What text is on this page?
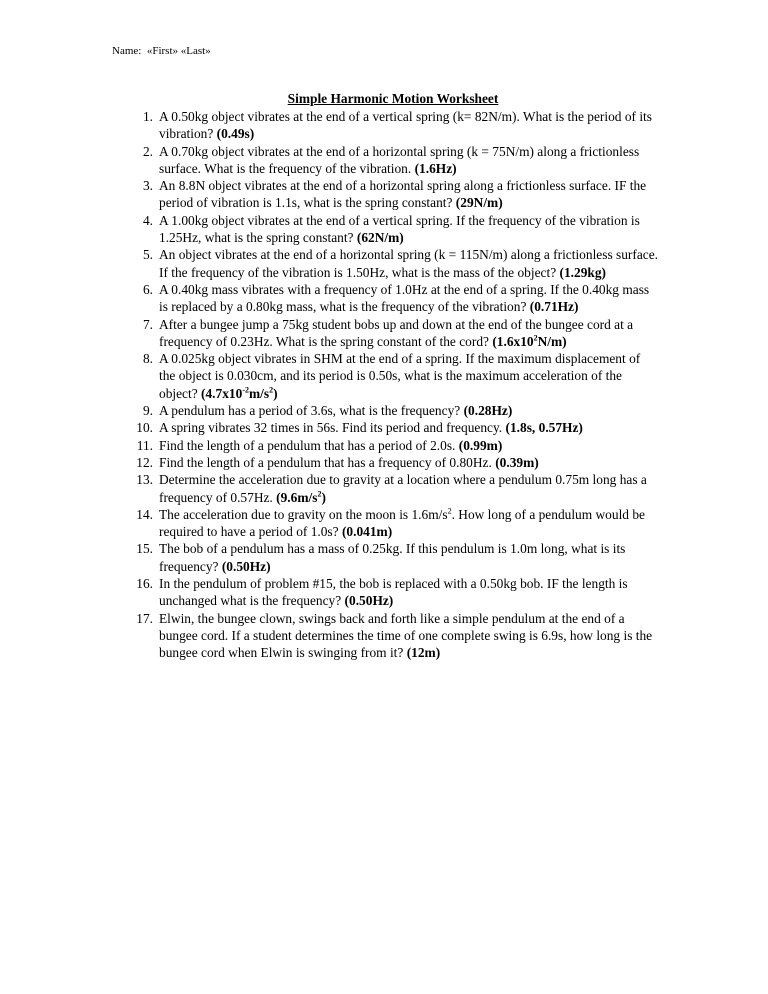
Name: «First» «Last»
Simple Harmonic Motion Worksheet
1. A 0.50kg object vibrates at the end of a vertical spring (k= 82N/m). What is the period of its vibration? (0.49s)
2. A 0.70kg object vibrates at the end of a horizontal spring (k = 75N/m) along a frictionless surface. What is the frequency of the vibration. (1.6Hz)
3. An 8.8N object vibrates at the end of a horizontal spring along a frictionless surface. IF the period of vibration is 1.1s, what is the spring constant? (29N/m)
4. A 1.00kg object vibrates at the end of a vertical spring. If the frequency of the vibration is 1.25Hz, what is the spring constant? (62N/m)
5. An object vibrates at the end of a horizontal spring (k = 115N/m) along a frictionless surface. If the frequency of the vibration is 1.50Hz, what is the mass of the object? (1.29kg)
6. A 0.40kg mass vibrates with a frequency of 1.0Hz at the end of a spring. If the 0.40kg mass is replaced by a 0.80kg mass, what is the frequency of the vibration? (0.71Hz)
7. After a bungee jump a 75kg student bobs up and down at the end of the bungee cord at a frequency of 0.23Hz. What is the spring constant of the cord? $(1.6x10^2N/m)$
8. A 0.025kg object vibrates in SHM at the end of a spring. If the maximum displacement of the object is 0.030cm, and its period is 0.50s, what is the maximum acceleration of the object? $(4.7x10^{-2}m/s^2)$
9. A pendulum has a period of 3.6s, what is the frequency? (0.28Hz)
10. A spring vibrates 32 times in 56s. Find its period and frequency. (1.8s, 0.57Hz)
11. Find the length of a pendulum that has a period of 2.0s. (0.99m)
12. Find the length of a pendulum that has a frequency of 0.80Hz. (0.39m)
13. Determine the acceleration due to gravity at a location where a pendulum 0.75m long has a frequency of 0.57Hz. $(9.6m/s^2)$
14. The acceleration due to gravity on the moon is $1.6m/s^2$. How long of a pendulum would be required to have a period of 1.0s? (0.041m)
15. The bob of a pendulum has a mass of 0.25kg. If this pendulum is 1.0m long, what is its frequency? (0.50Hz)
16. In the pendulum of problem #15, the bob is replaced with a 0.50kg bob. IF the length is unchanged what is the frequency? (0.50Hz)
17. Elwin, the bungee clown, swings back and forth like a simple pendulum at the end of a bungee cord. If a student determines the time of one complete swing is 6.9s, how long is the bungee cord when Elwin is swinging from it? (12m)
